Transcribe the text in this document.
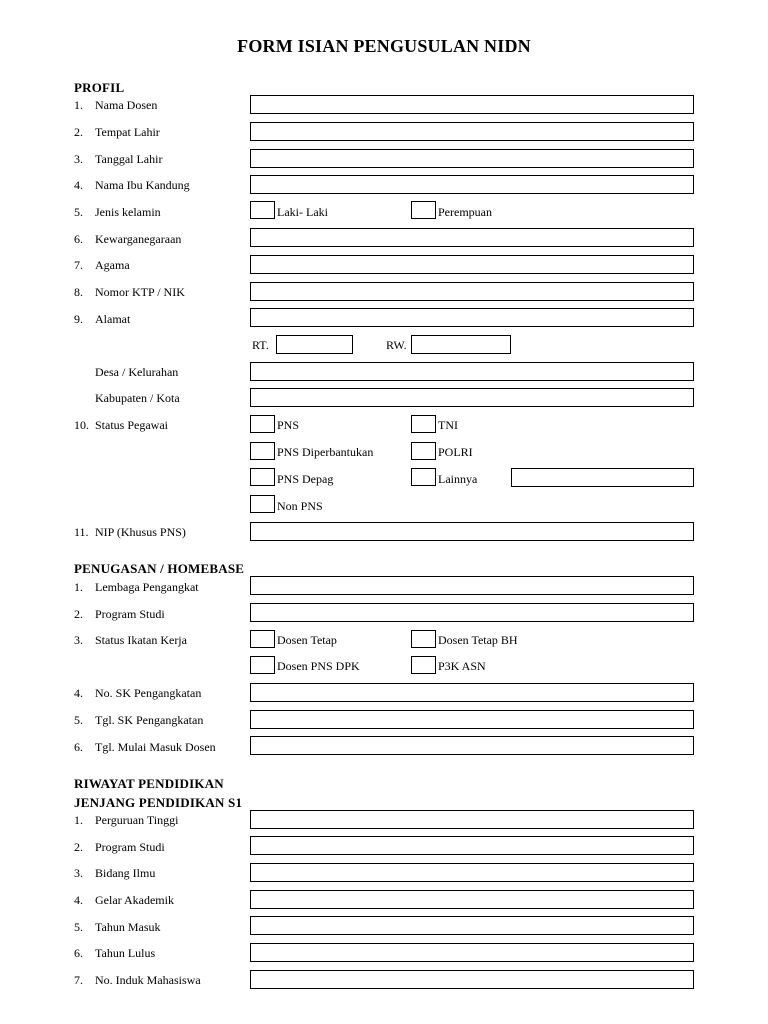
FORM ISIAN PENGUSULAN NIDN
PROFIL
1. Nama Dosen
2. Tempat Lahir
3. Tanggal Lahir
4. Nama Ibu Kandung
5. Jenis kelamin	Laki- Laki	Perempuan
6. Kewarganegaraan
7. Agama
8. Nomor KTP / NIK
9. Alamat
RT.	RW.
Desa / Kelurahan
Kabupaten / Kota
10. Status Pegawai	PNS	TNI
PNS Diperbantukan	POLRI
PNS Depag	Lainnya
Non PNS
11. NIP (Khusus PNS)
PENUGASAN / HOMEBASE
1. Lembaga Pengangkat
2. Program Studi
3. Status Ikatan Kerja	Dosen Tetap	Dosen Tetap BH
Dosen PNS DPK	P3K ASN
4. No. SK Pengangkatan
5. Tgl. SK Pengangkatan
6. Tgl. Mulai Masuk Dosen
RIWAYAT PENDIDIKAN
JENJANG PENDIDIKAN S1
1. Perguruan Tinggi
2. Program Studi
3. Bidang Ilmu
4. Gelar Akademik
5. Tahun Masuk
6. Tahun Lulus
7. No. Induk Mahasiswa
